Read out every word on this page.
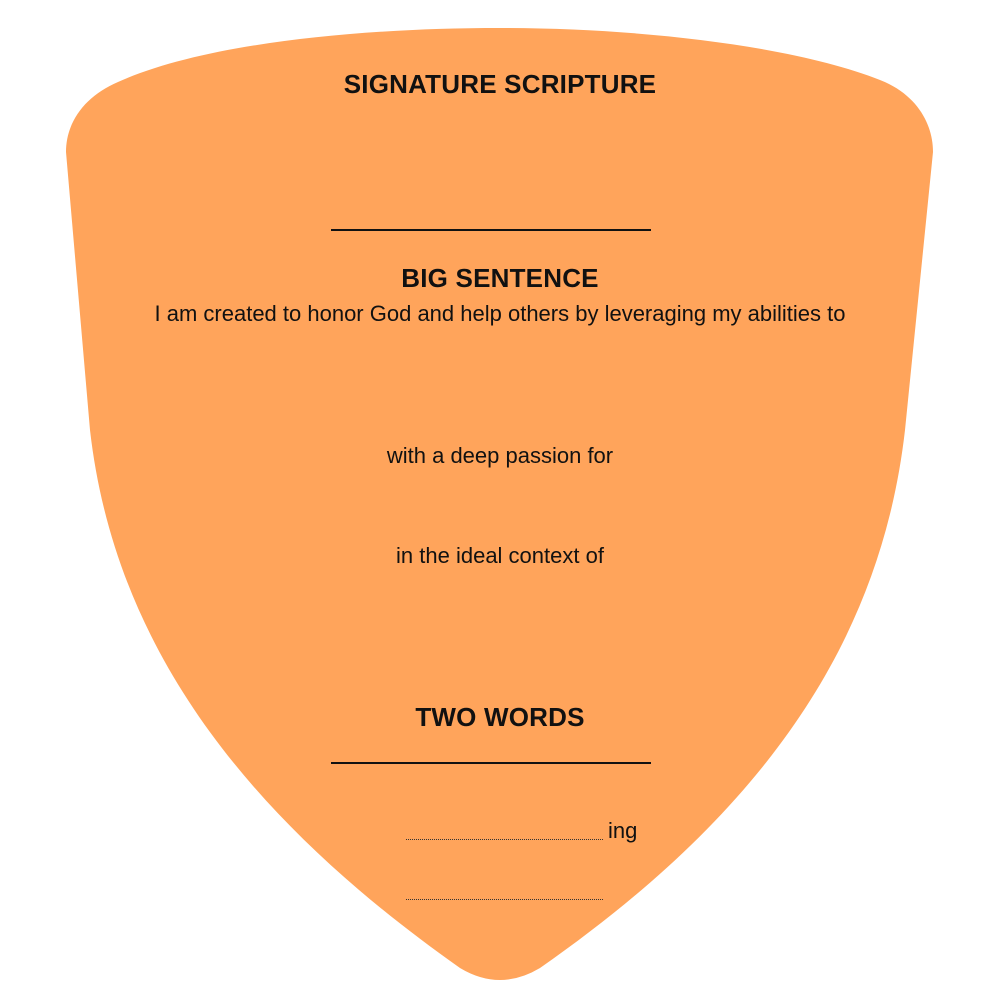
SIGNATURE SCRIPTURE
BIG SENTENCE
I am created to honor God and help others by leveraging my abilities to
with a deep passion for
in the ideal context of
TWO WORDS
ing
